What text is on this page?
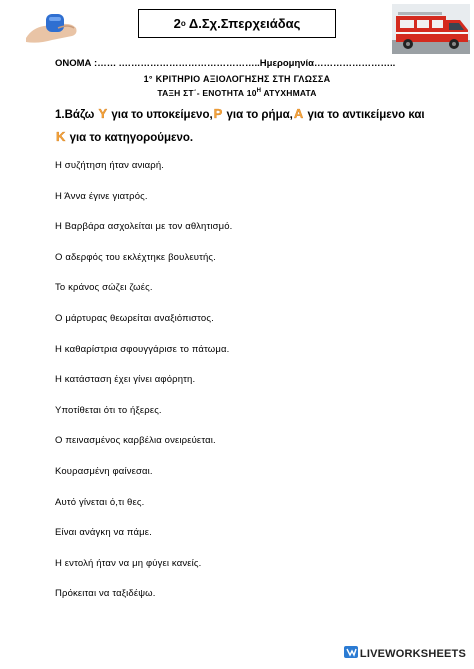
2 ο Δ.Σχ.Σπερχειάδας
ΟΝΟΜΑ :…… .……………………………………..Ημερομηνία……………………..
1° ΚΡΙΤΗΡΙΟ ΑΞΙΟΛΟΓΗΣΗΣ ΣΤΗ ΓΛΩΣΣΑ
ΤΑΞΗ ΣΤ΄- ΕΝΟΤΗΤΑ $10^H$ ΑΤΥΧΗΜΑΤΑ
1.Βάζω Υ για το υποκείμενο,Ρ για το ρήμα,Α για το αντικείμενο και Κ για το κατηγορούμενο.
Η συζήτηση ήταν ανιαρή.
Η Άννα έγινε γιατρός.
Η Βαρβάρα ασχολείται με τον αθλητισμό.
Ο αδερφός του εκλέχτηκε βουλευτής.
Το κράνος σώζει ζωές.
Ο μάρτυρας θεωρείται αναξιόπιστος.
Η καθαρίστρια σφουγγάρισε το πάτωμα.
Η κατάσταση έχει γίνει αφόρητη.
Υποτίθεται ότι το ήξερες.
Ο πεινασμένος καρβέλια ονειρεύεται.
Κουρασμένη φαίνεσαι.
Αυτό γίνεται ό,τι θες.
Είναι ανάγκη να πάμε.
Η εντολή ήταν να μη φύγει κανείς.
Πρόκειται να ταξιδέψω.
LIVEWORKSHEETS
